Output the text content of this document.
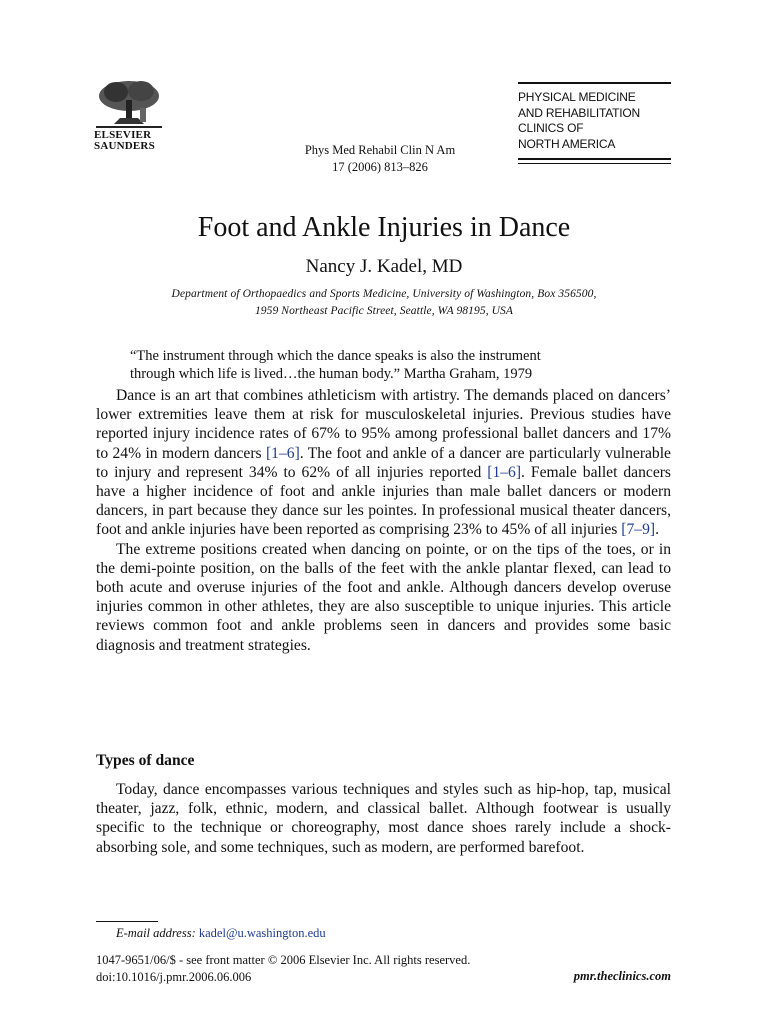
ELSEVIER
SAUNDERS	Phys Med Rehabil Clin N Am
17 (2006) 813–826
PHYSICAL MEDICINE
AND REHABILITATION
CLINICS OF
NORTH AMERICA
Foot and Ankle Injuries in Dance
Nancy J. Kadel, MD
Department of Orthopaedics and Sports Medicine, University of Washington, Box 356500,
1959 Northeast Pacific Street, Seattle, WA 98195, USA
“The instrument through which the dance speaks is also the instrument
through which life is lived…the human body.” Martha Graham, 1979

Dance is an art that combines athleticism with artistry. The demands placed on dancers’ lower extremities leave them at risk for musculoskeletal injuries. Previous studies have reported injury incidence rates of 67% to 95% among professional ballet dancers and 17% to 24% in modern dancers [1–6]. The foot and ankle of a dancer are particularly vulnerable to injury and represent 34% to 62% of all injuries reported [1–6]. Female ballet dancers have a higher incidence of foot and ankle injuries than male ballet dancers or modern dancers, in part because they dance sur les pointes. In professional musical theater dancers, foot and ankle injuries have been reported as comprising 23% to 45% of all injuries [7–9].

The extreme positions created when dancing on pointe, or on the tips of the toes, or in the demi-pointe position, on the balls of the feet with the ankle plantar flexed, can lead to both acute and overuse injuries of the foot and ankle. Although dancers develop overuse injuries common in other athletes, they are also susceptible to unique injuries. This article reviews common foot and ankle problems seen in dancers and provides some basic diagnosis and treatment strategies.

Types of dance

Today, dance encompasses various techniques and styles such as hip-hop, tap, musical theater, jazz, folk, ethnic, modern, and classical ballet. Although footwear is usually specific to the technique or choreography, most dance shoes rarely include a shock-absorbing sole, and some techniques, such as modern, are performed barefoot.

E-mail address: kadel@u.washington.edu
1047-9651/06/$ - see front matter © 2006 Elsevier Inc. All rights reserved.
doi:10.1016/j.pmr.2006.06.006	pmr.theclinics.com
